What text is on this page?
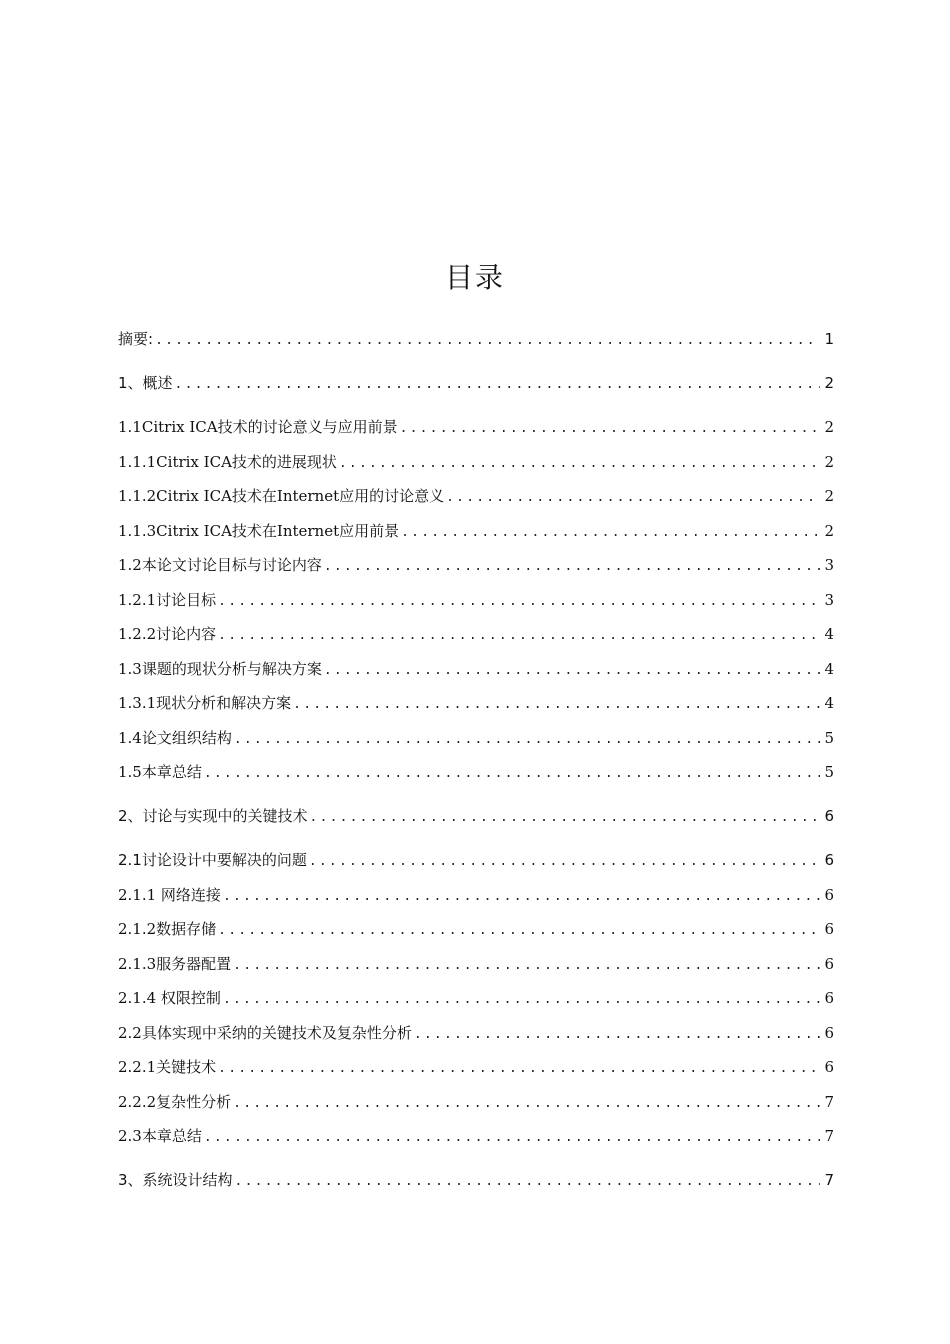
目录
摘要: .....	1
1、概述 .....	2
1.1Citrix ICA技术的讨论意义与应用前景 .....	2
1.1.1Citrix ICA技术的进展现状 .....	2
1.1.2Citrix ICA技术在Internet应用的讨论意义 .....	2
1.1.3Citrix ICA技术在Internet应用前景 .....	2
1.2本论文讨论目标与讨论内容 .....	3
1.2.1讨论目标 .....	3
1.2.2讨论内容 .....	4
1.3课题的现状分析与解决方案 .....	4
1.3.1现状分析和解决方案 .....	4
1.4论文组织结构 .....	5
1.5本章总结 .....	5
2、讨论与实现中的关键技术 .....	6
2.1讨论设计中要解决的问题 .....	6
2.1.1 网络连接 .....	6
2.1.2数据存储 .....	6
2.1.3服务器配置 .....	6
2.1.4 权限控制 .....	6
2.2具体实现中采纳的关键技术及复杂性分析 .....	6
2.2.1关键技术 .....	6
2.2.2复杂性分析 .....	7
2.3本章总结 .....	7
3、系统设计结构 .....	7
